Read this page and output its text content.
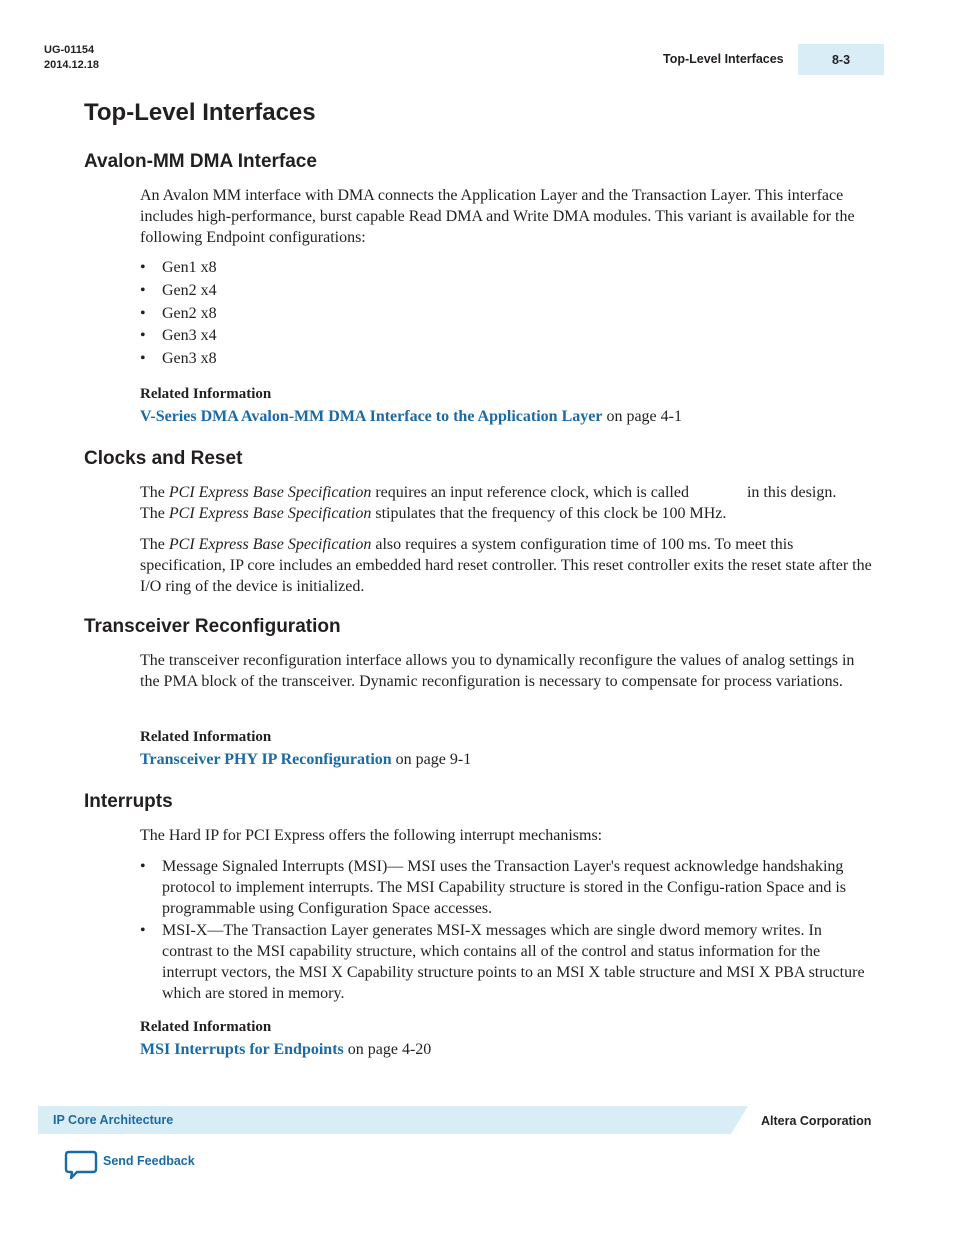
UG-01154
2014.12.18	Top-Level Interfaces	8-3
Top-Level Interfaces
Avalon-MM DMA Interface

An Avalon MM interface with DMA connects the Application Layer and the Transaction Layer. This interface includes high-performance, burst capable Read DMA and Write DMA modules. This variant is available for the following Endpoint configurations:

• Gen1 x8
• Gen2 x4
• Gen2 x8
• Gen3 x4
• Gen3 x8
Related Information
V-Series DMA Avalon-MM DMA Interface to the Application Layer on page 4-1
Clocks and Reset

The PCI Express Base Specification requires an input reference clock, which is called	in this design.
The PCI Express Base Specification stipulates that the frequency of this clock be 100 MHz.

The PCI Express Base Specification also requires a system configuration time of 100 ms. To meet this specification, IP core includes an embedded hard reset controller. This reset controller exits the reset state after the I/O ring of the device is initialized.

Transceiver Reconfiguration

The transceiver reconfiguration interface allows you to dynamically reconfigure the values of analog settings in the PMA block of the transceiver. Dynamic reconfiguration is necessary to compensate for process variations.

Related Information
Transceiver PHY IP Reconfiguration on page 9-1
Interrupts

The Hard IP for PCI Express offers the following interrupt mechanisms:

• Message Signaled Interrupts (MSI)— MSI uses the Transaction Layer's request acknowledge handshaking protocol to implement interrupts. The MSI Capability structure is stored in the Configu-ration Space and is programmable using Configuration Space accesses.
• MSI-X—The Transaction Layer generates MSI-X messages which are single dword memory writes. In contrast to the MSI capability structure, which contains all of the control and status information for the interrupt vectors, the MSI X Capability structure points to an MSI X table structure and MSI X PBA structure which are stored in memory.
Related Information
MSI Interrupts for Endpoints on page 4-20
IP Core Architecture	Altera Corporation
Send Feedback
